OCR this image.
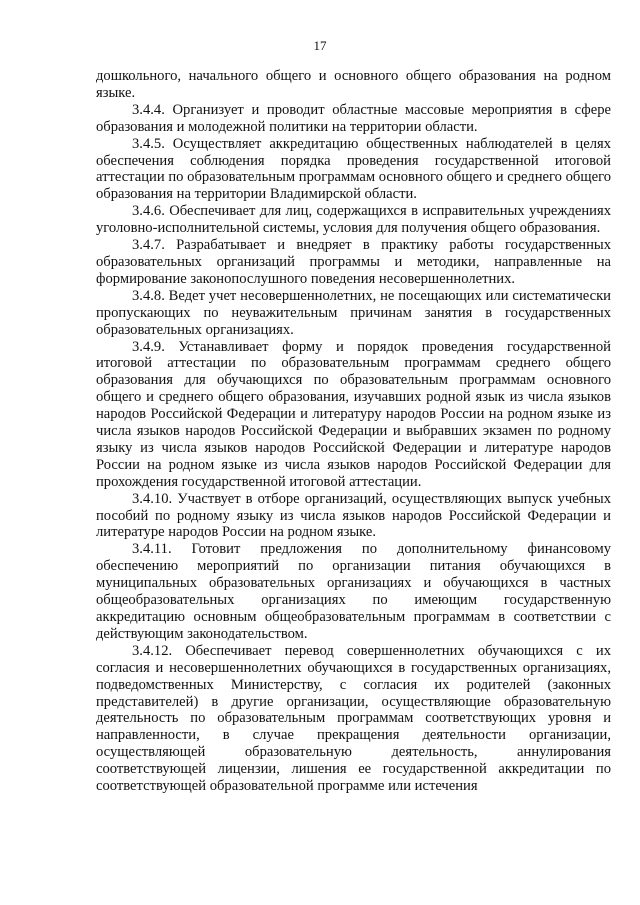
17

дошкольного, начального общего и основного общего образования на родном языке.

3.4.4. Организует и проводит областные массовые мероприятия в сфере образования и молодежной политики на территории области.

3.4.5. Осуществляет аккредитацию общественных наблюдателей в целях обеспечения соблюдения порядка проведения государственной итоговой аттестации по образовательным программам основного общего и среднего общего образования на территории Владимирской области.

3.4.6. Обеспечивает для лиц, содержащихся в исправительных учреждениях уголовно-исполнительной системы, условия для получения общего образования.

3.4.7. Разрабатывает и внедряет в практику работы государственных образовательных организаций программы и методики, направленные на формирование законопослушного поведения несовершеннолетних.

3.4.8. Ведет учет несовершеннолетних, не посещающих или систематически пропускающих по неуважительным причинам занятия в государственных образовательных организациях.

3.4.9. Устанавливает форму и порядок проведения государственной итоговой аттестации по образовательным программам среднего общего образования для обучающихся по образовательным программам основного общего и среднего общего образования, изучавших родной язык из числа языков народов Российской Федерации и литературу народов России на родном языке из числа языков народов Российской Федерации и выбравших экзамен по родному языку из числа языков народов Российской Федерации и литературе народов России на родном языке из числа языков народов Российской Федерации для прохождения государственной итоговой аттестации.

3.4.10. Участвует в отборе организаций, осуществляющих выпуск учебных пособий по родному языку из числа языков народов Российской Федерации и литературе народов России на родном языке.

3.4.11. Готовит предложения по дополнительному финансовому обеспечению мероприятий по организации питания обучающихся в муниципальных образовательных организациях и обучающихся в частных общеобразовательных организациях по имеющим государственную аккредитацию основным общеобразовательным программам в соответствии с действующим законодательством.

3.4.12. Обеспечивает перевод совершеннолетних обучающихся с их согласия и несовершеннолетних обучающихся в государственных организациях, подведомственных Министерству, с согласия их родителей (законных представителей) в другие организации, осуществляющие образовательную деятельность по образовательным программам соответствующих уровня и направленности, в случае прекращения деятельности организации, осуществляющей образовательную деятельность, аннулирования соответствующей лицензии, лишения ее государственной аккредитации по соответствующей образовательной программе или истечения
